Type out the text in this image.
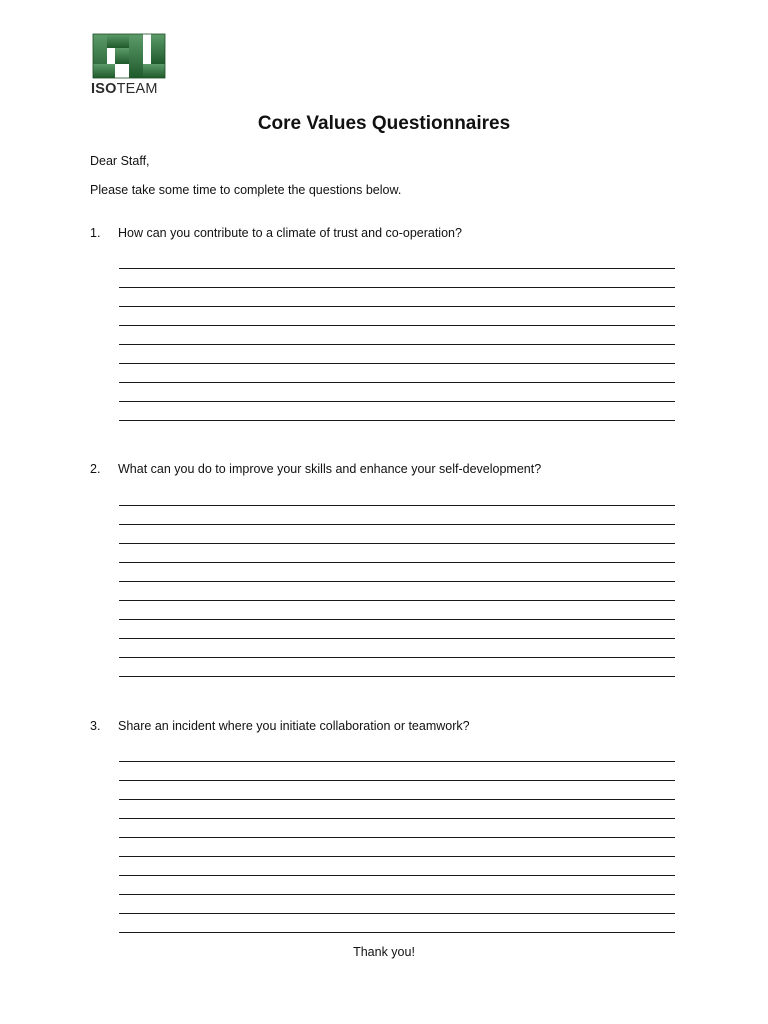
ISOTEAM
Core Values Questionnaires
Dear Staff,
Please take some time to complete the questions below.
1. How can you contribute to a climate of trust and co-operation?
2. What can you do to improve your skills and enhance your self-development?
3. Share an incident where you initiate collaboration or teamwork?
Thank you!
